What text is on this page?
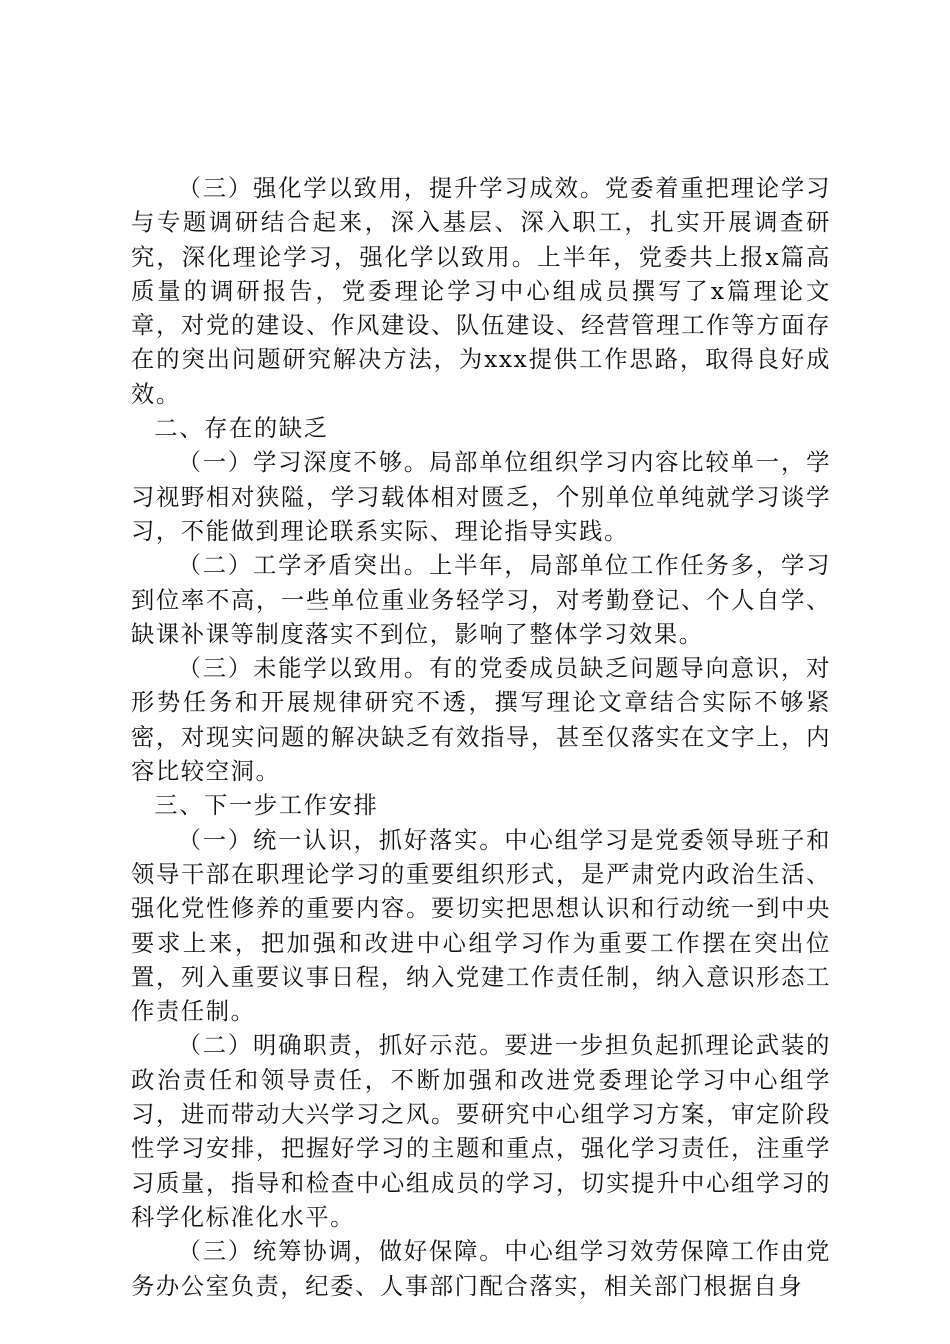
（三）强化学以致用，提升学习成效。党委着重把理论学习与专题调研结合起来，深入基层、深入职工，扎实开展调查研究，深化理论学习，强化学以致用。上半年，党委共上报x篇高质量的调研报告，党委理论学习中心组成员撰写了x篇理论文章，对党的建设、作风建设、队伍建设、经营管理工作等方面存在的突出问题研究解决方法，为xxx提供工作思路，取得良好成效。

二、存在的缺乏

（一）学习深度不够。局部单位组织学习内容比较单一，学习视野相对狭隘，学习载体相对匮乏，个别单位单纯就学习谈学习，不能做到理论联系实际、理论指导实践。

（二）工学矛盾突出。上半年，局部单位工作任务多，学习到位率不高，一些单位重业务轻学习，对考勤登记、个人自学、缺课补课等制度落实不到位，影响了整体学习效果。

（三）未能学以致用。有的党委成员缺乏问题导向意识，对形势任务和开展规律研究不透，撰写理论文章结合实际不够紧密，对现实问题的解决缺乏有效指导，甚至仅落实在文字上，内容比较空洞。

三、下一步工作安排

（一）统一认识，抓好落实。中心组学习是党委领导班子和领导干部在职理论学习的重要组织形式，是严肃党内政治生活、强化党性修养的重要内容。要切实把思想认识和行动统一到中央要求上来，把加强和改进中心组学习作为重要工作摆在突出位置，列入重要议事日程，纳入党建工作责任制，纳入意识形态工作责任制。

（二）明确职责，抓好示范。要进一步担负起抓理论武装的政治责任和领导责任，不断加强和改进党委理论学习中心组学习，进而带动大兴学习之风。要研究中心组学习方案，审定阶段性学习安排，把握好学习的主题和重点，强化学习责任，注重学习质量，指导和检查中心组成员的学习，切实提升中心组学习的科学化标准化水平。

（三）统筹协调，做好保障。中心组学习效劳保障工作由党务办公室负责，纪委、人事部门配合落实，相关部门根据自身
